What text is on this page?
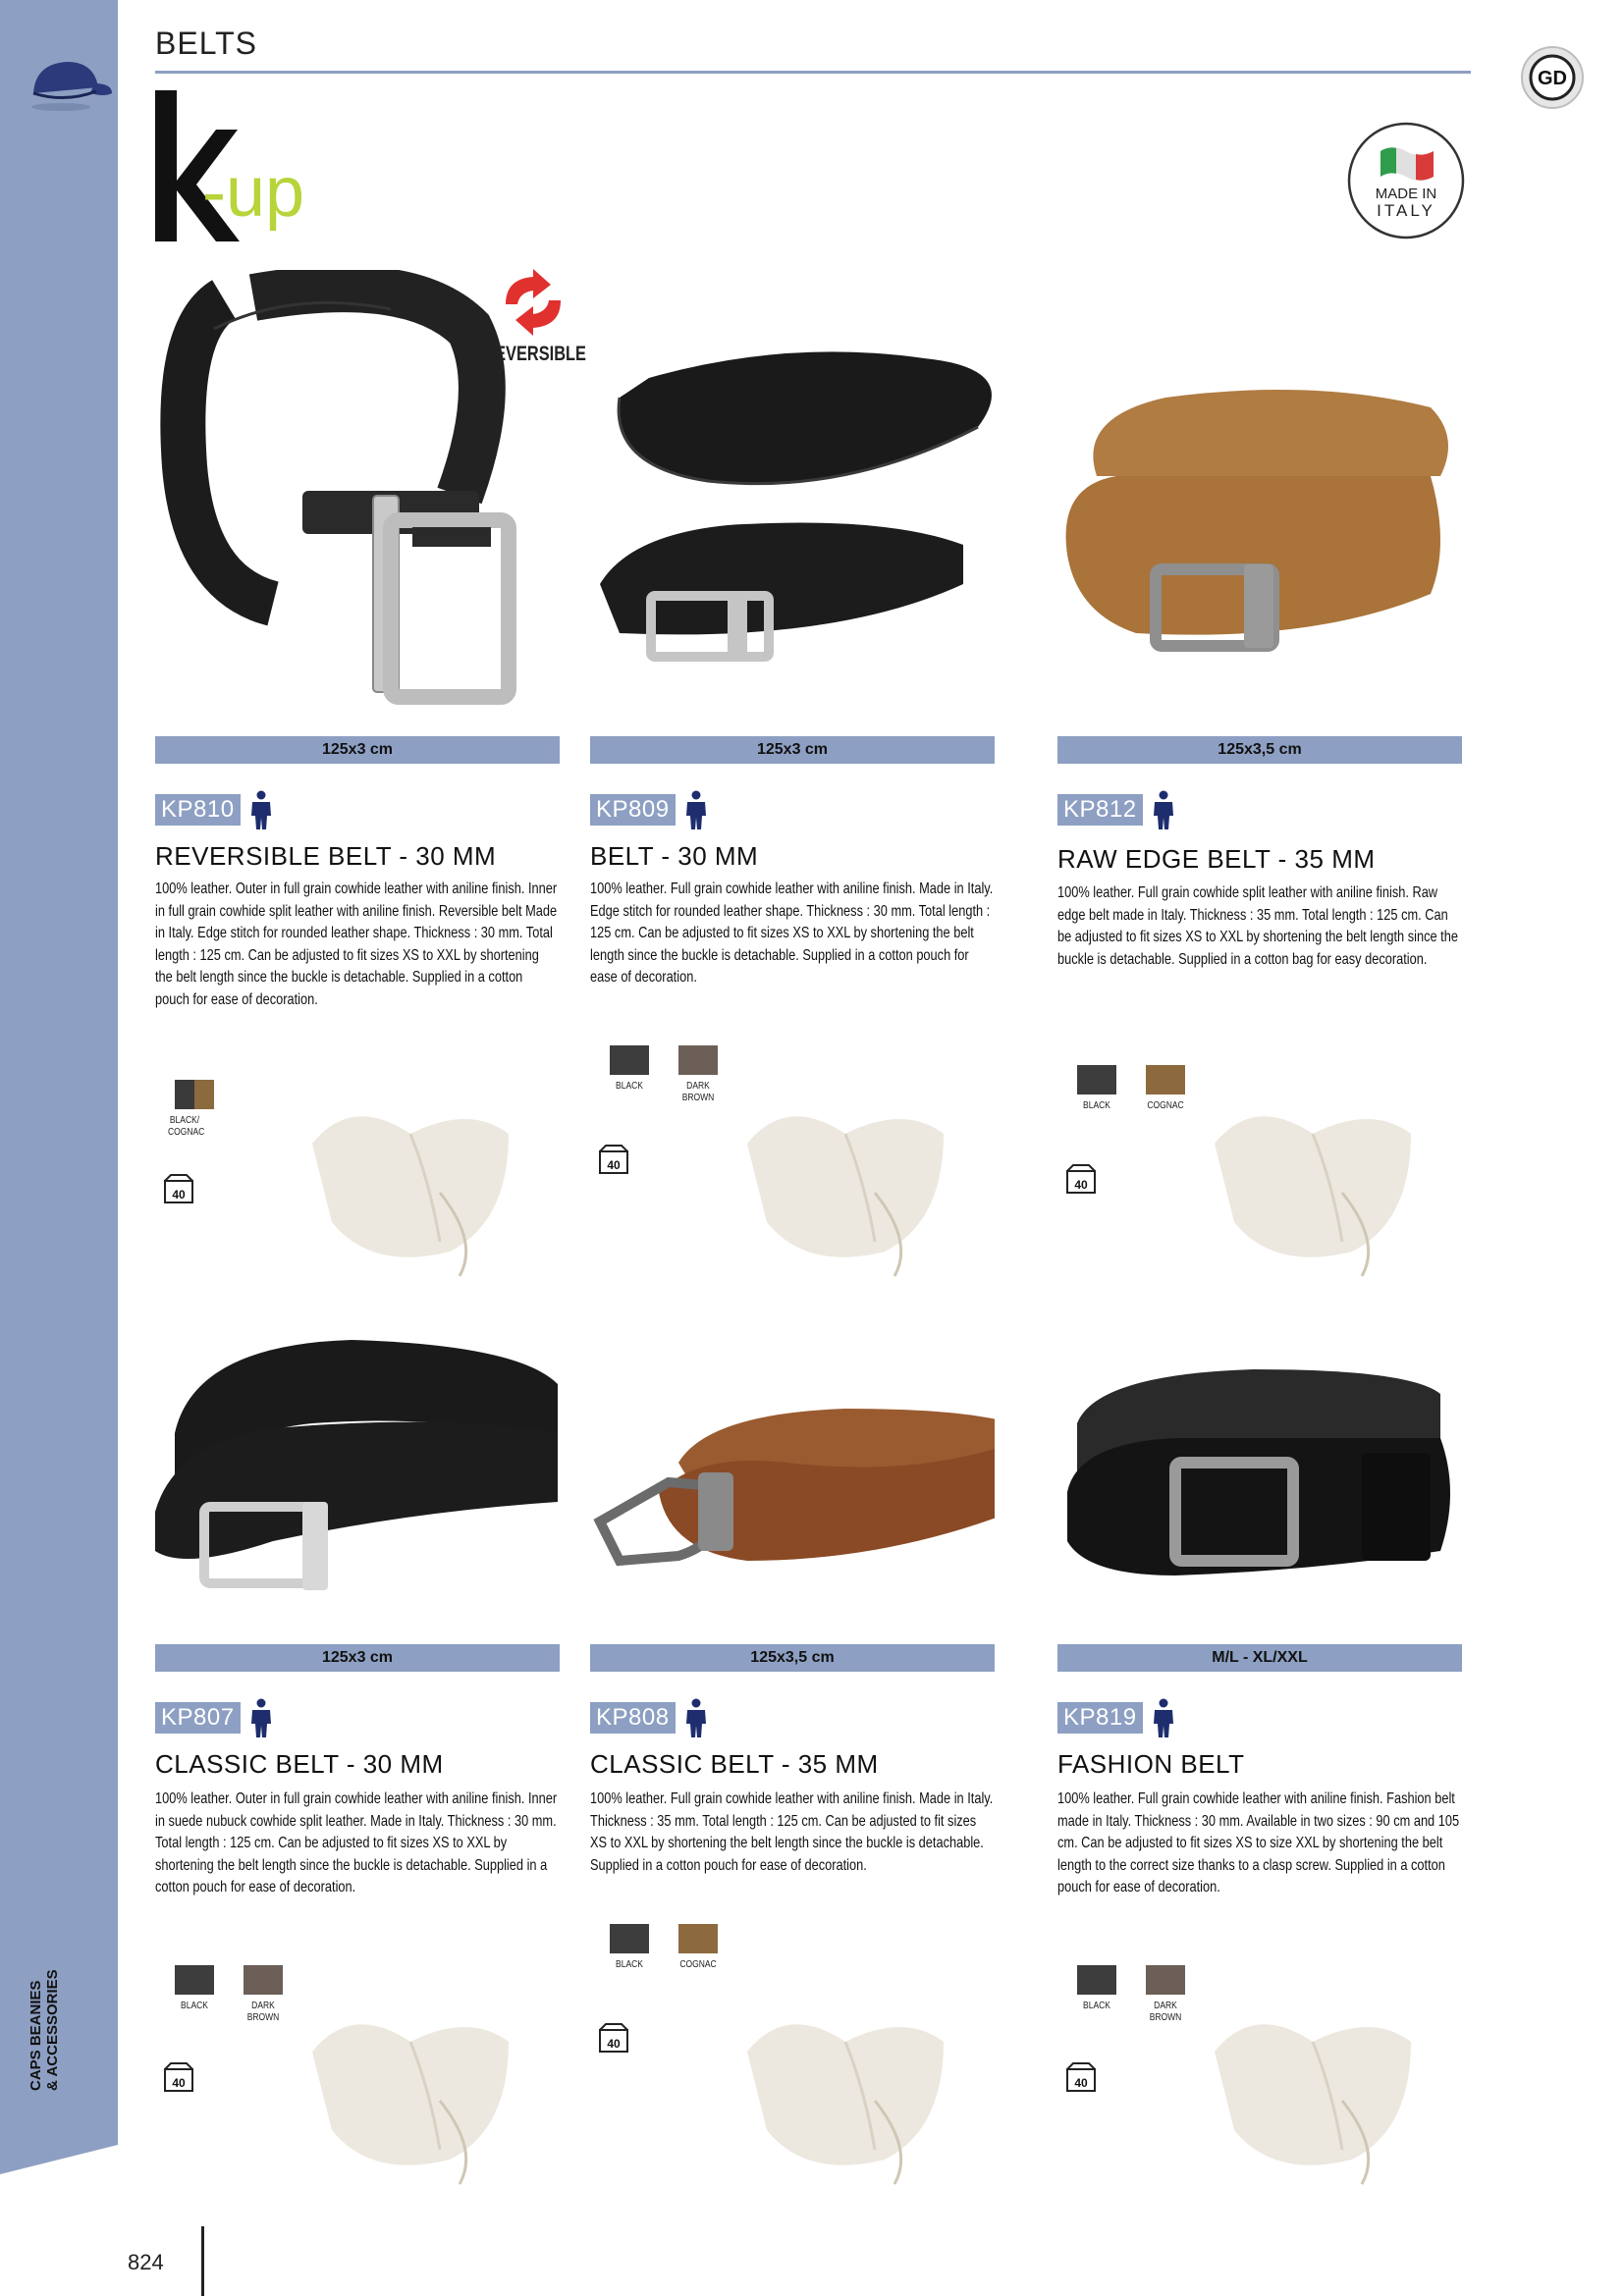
CAPS BEANIES
& ACCESSORIES
BELTS
GD
-up	MADE IN
ITALY
REVERSIBLE
125x3 cm
KP810
REVERSIBLE BELT - 30 MM
100% leather. Outer in full grain cowhide leather with aniline finish. Inner in full grain cowhide split leather with aniline finish. Reversible belt Made in Italy. Edge stitch for rounded leather shape. Thickness : 30 mm. Total length : 125 cm. Can be adjusted to fit sizes XS to XXL by shortening the belt length since the buckle is detachable. Supplied in a cotton pouch for ease of decoration.
BLACK/ COGNAC
40
125x3 cm
KP809
BELT - 30 MM
100% leather. Full grain cowhide leather with aniline finish. Made in Italy. Edge stitch for rounded leather shape. Thickness : 30 mm. Total length : 125 cm. Can be adjusted to fit sizes XS to XXL by shortening the belt length since the buckle is detachable. Supplied in a cotton pouch for ease of decoration.
BLACK	DARK BROWN
40
125x3,5 cm
KP812
RAW EDGE BELT - 35 MM
100% leather. Full grain cowhide split leather with aniline finish. Raw edge belt made in Italy. Thickness : 35 mm. Total length : 125 cm. Can be adjusted to fit sizes XS to XXL by shortening the belt length since the buckle is detachable. Supplied in a cotton bag for easy decoration.
BLACK	COGNAC
40
125x3 cm
KP807
CLASSIC BELT - 30 MM
100% leather. Outer in full grain cowhide leather with aniline finish. Inner in suede nubuck cowhide split leather. Made in Italy. Thickness : 30 mm. Total length : 125 cm. Can be adjusted to fit sizes XS to XXL by shortening the belt length since the buckle is detachable. Supplied in a cotton pouch for ease of decoration.
BLACK	DARK BROWN
40
125x3,5 cm
KP808
CLASSIC BELT - 35 MM
100% leather. Full grain cowhide leather with aniline finish. Made in Italy. Thickness : 35 mm. Total length : 125 cm. Can be adjusted to fit sizes XS to XXL by shortening the belt length since the buckle is detachable. Supplied in a cotton pouch for ease of decoration.
BLACK	COGNAC
40
M/L - XL/XXL
KP819
FASHION BELT
100% leather. Full grain cowhide leather with aniline finish. Fashion belt made in Italy. Thickness : 30 mm. Available in two sizes : 90 cm and 105 cm. Can be adjusted to fit sizes XS to size XXL by shortening the belt length to the correct size thanks to a clasp screw. Supplied in a cotton pouch for ease of decoration.
BLACK	DARK BROWN
40
824
